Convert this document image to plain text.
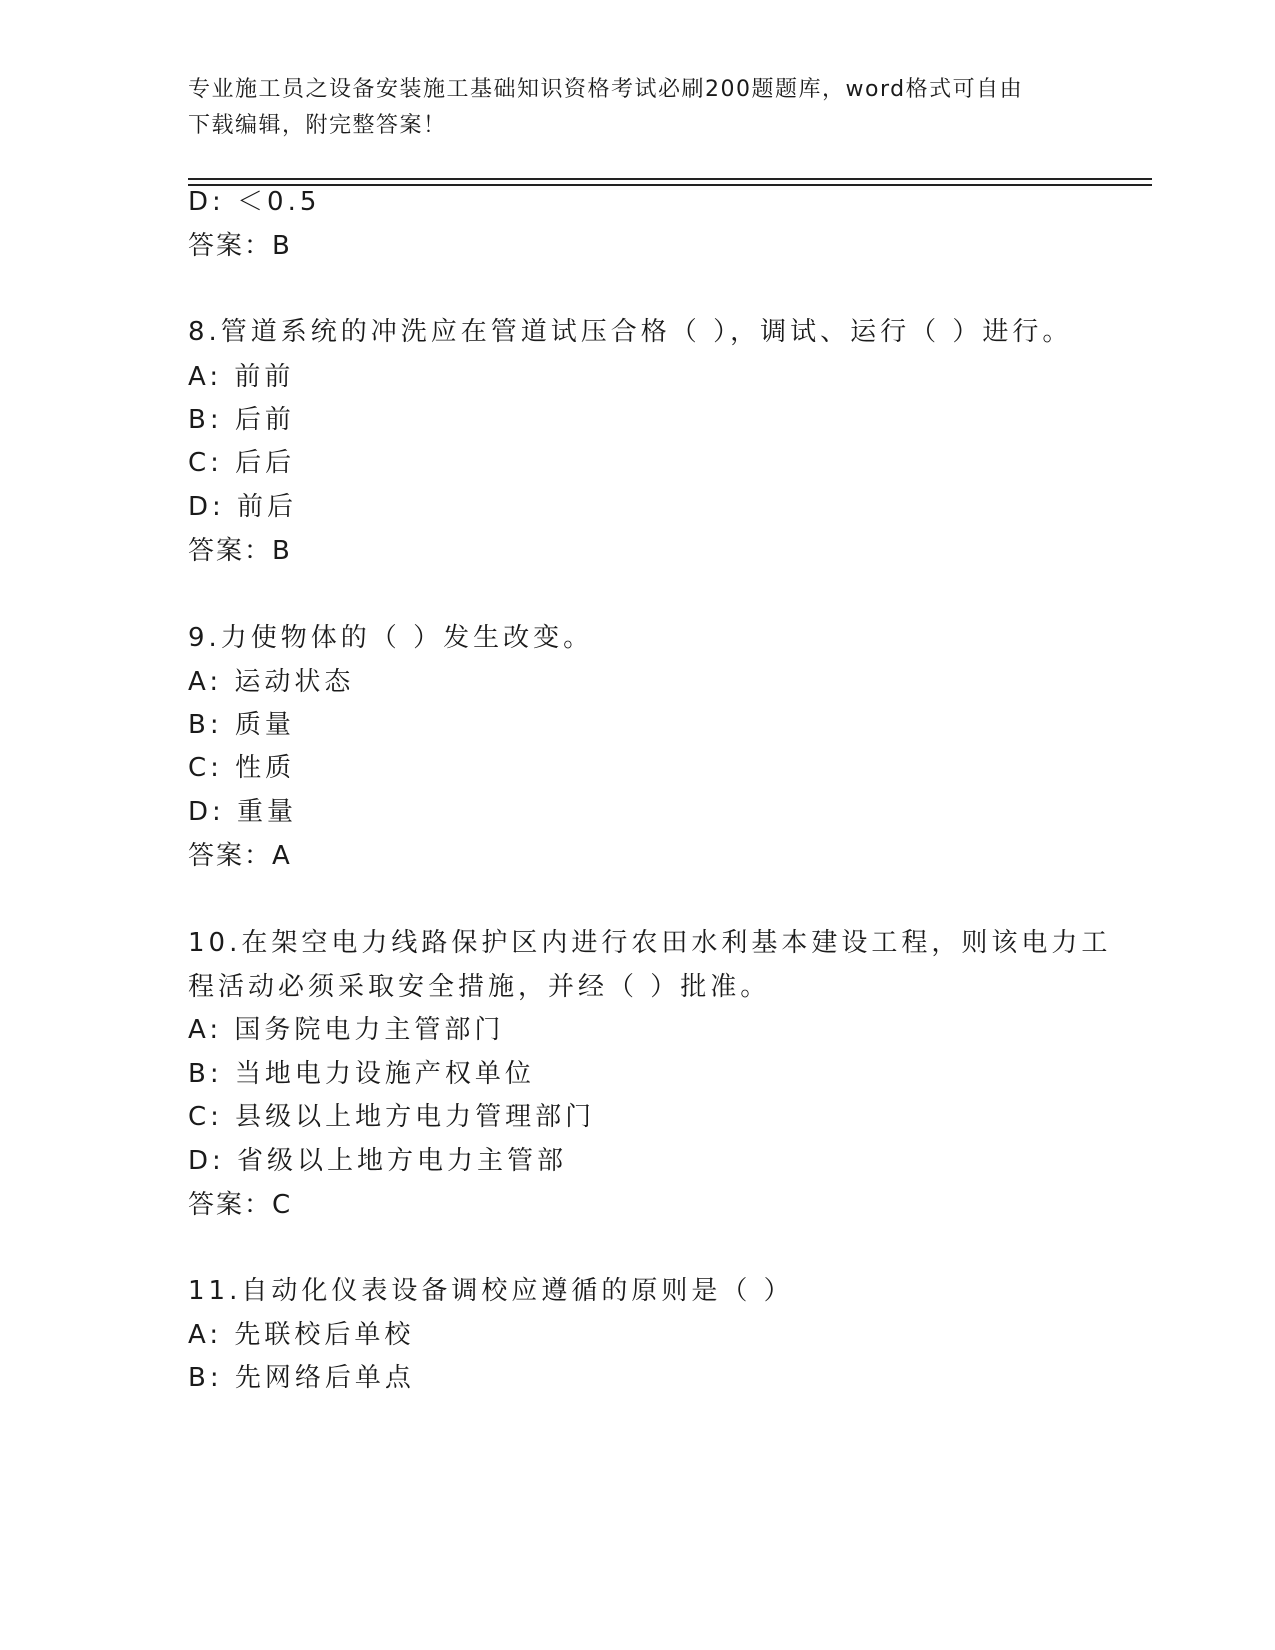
专业施工员之设备安装施工基础知识资格考试必刷200题题库，word格式可自由
下载编辑，附完整答案！
D: ＜0.5
答案：B
8.管道系统的冲洗应在管道试压合格（ ），调试、运行（ ）进行。
A: 前前
B: 后前
C: 后后
D: 前后
答案：B
9.力使物体的（ ）发生改变。
A: 运动状态
B: 质量
C: 性质
D: 重量
答案：A
10.在架空电力线路保护区内进行农田水利基本建设工程，则该电力工
程活动必须采取安全措施，并经（ ）批准。
A: 国务院电力主管部门
B: 当地电力设施产权单位
C: 县级以上地方电力管理部门
D: 省级以上地方电力主管部
答案：C
11.自动化仪表设备调校应遵循的原则是（ ）
A: 先联校后单校
B: 先网络后单点
